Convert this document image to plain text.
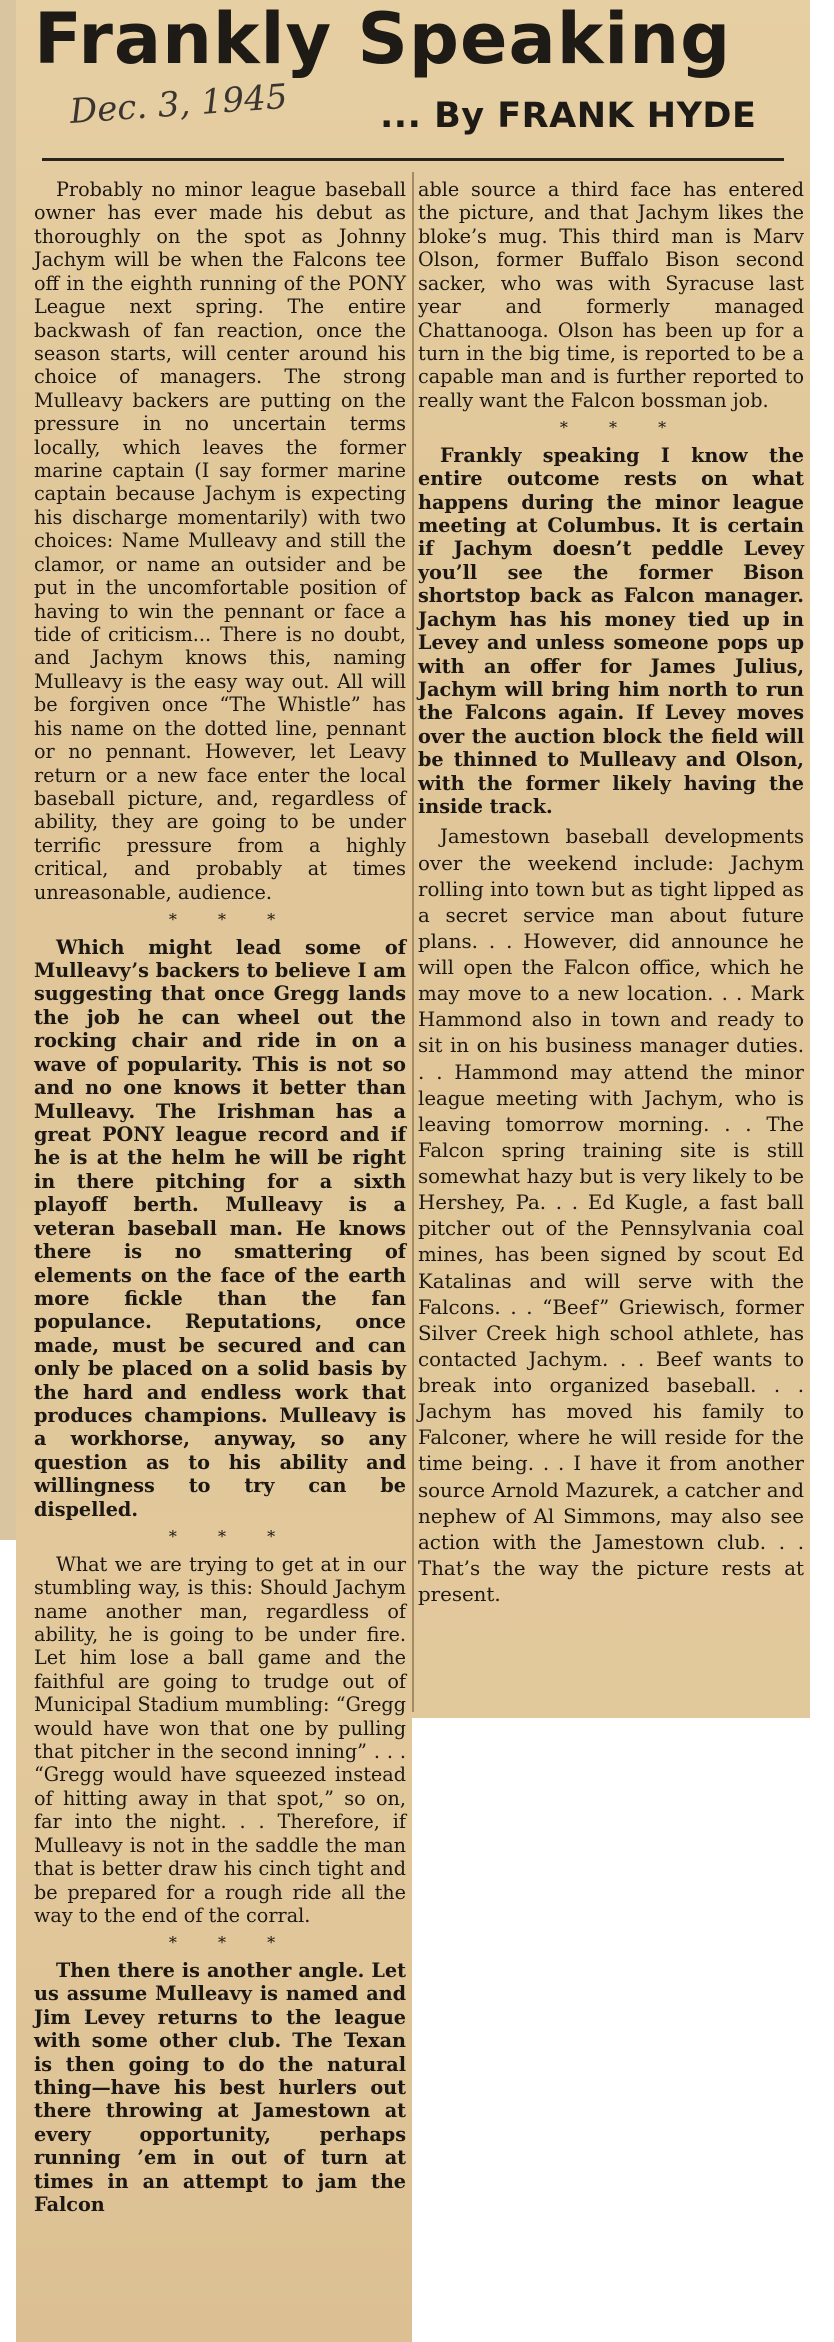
Frankly Speaking
Dec. 3, 1945	... By FRANK HYDE

Probably no minor league baseball owner has ever made his debut as thoroughly on the spot as Johnny Jachym will be when the Falcons tee off in the eighth running of the PONY League next spring. The entire backwash of fan reaction, once the season starts, will center around his choice of managers. The strong Mulleavy backers are putting on the pressure in no uncertain terms locally, which leaves the former marine captain (I say former marine captain because Jachym is expecting his discharge momentarily) with two choices: Name Mulleavy and still the clamor, or name an outsider and be put in the uncomfortable position of having to win the pennant or face a tide of criticism... There is no doubt, and Jachym knows this, naming Mulleavy is the easy way out. All will be forgiven once “The Whistle” has his name on the dotted line, pennant or no pennant. However, let Leavy return or a new face enter the local baseball picture, and, regardless of ability, they are going to be under terrific pressure from a highly critical, and probably at times unreasonable, audience.

* * *

Which might lead some of Mulleavy’s backers to believe I am suggesting that once Gregg lands the job he can wheel out the rocking chair and ride in on a wave of popularity. This is not so and no one knows it better than Mulleavy. The Irishman has a great PONY league record and if he is at the helm he will be right in there pitching for a sixth playoff berth. Mulleavy is a veteran baseball man. He knows there is no smattering of elements on the face of the earth more fickle than the fan populance. Reputations, once made, must be secured and can only be placed on a solid basis by the hard and endless work that produces champions. Mulleavy is a workhorse, anyway, so any question as to his ability and willingness to try can be dispelled.

* * *

What we are trying to get at in our stumbling way, is this: Should Jachym name another man, regardless of ability, he is going to be under fire. Let him lose a ball game and the faithful are going to trudge out of Municipal Stadium mumbling: “Gregg would have won that one by pulling that pitcher in the second inning” . . . “Gregg would have squeezed instead of hitting away in that spot,” so on, far into the night. . . Therefore, if Mulleavy is not in the saddle the man that is better draw his cinch tight and be prepared for a rough ride all the way to the end of the corral.

* * *

Then there is another angle. Let us assume Mulleavy is named and Jim Levey returns to the league with some other club. The Texan is then going to do the natural thing—have his best hurlers out there throwing at Jamestown at every opportunity, perhaps running ’em in out of turn at times in an attempt to jam the Falcon

able source a third face has entered the picture, and that Jachym likes the bloke’s mug. This third man is Marv Olson, former Buffalo Bison second sacker, who was with Syracuse last year and formerly managed Chattanooga. Olson has been up for a turn in the big time, is reported to be a capable man and is further reported to really want the Falcon bossman job.

* * *

Frankly speaking I know the entire outcome rests on what happens during the minor league meeting at Columbus. It is certain if Jachym doesn’t peddle Levey you’ll see the former Bison shortstop back as Falcon manager. Jachym has his money tied up in Levey and unless someone pops up with an offer for James Julius, Jachym will bring him north to run the Falcons again. If Levey moves over the auction block the field will be thinned to Mulleavy and Olson, with the former likely having the inside track.

Jamestown baseball developments over the weekend include: Jachym rolling into town but as tight lipped as a secret service man about future plans. . . However, did announce he will open the Falcon office, which he may move to a new location. . . Mark Hammond also in town and ready to sit in on his business manager duties. . . Hammond may attend the minor league meeting with Jachym, who is leaving tomorrow morning. . . The Falcon spring training site is still somewhat hazy but is very likely to be Hershey, Pa. . . Ed Kugle, a fast ball pitcher out of the Pennsylvania coal mines, has been signed by scout Ed Katalinas and will serve with the Falcons. . . “Beef” Griewisch, former Silver Creek high school athlete, has contacted Jachym. . . Beef wants to break into organized baseball. . . Jachym has moved his family to Falconer, where he will reside for the time being. . . I have it from another source Arnold Mazurek, a catcher and nephew of Al Simmons, may also see action with the Jamestown club. . . That’s the way the picture rests at present.
